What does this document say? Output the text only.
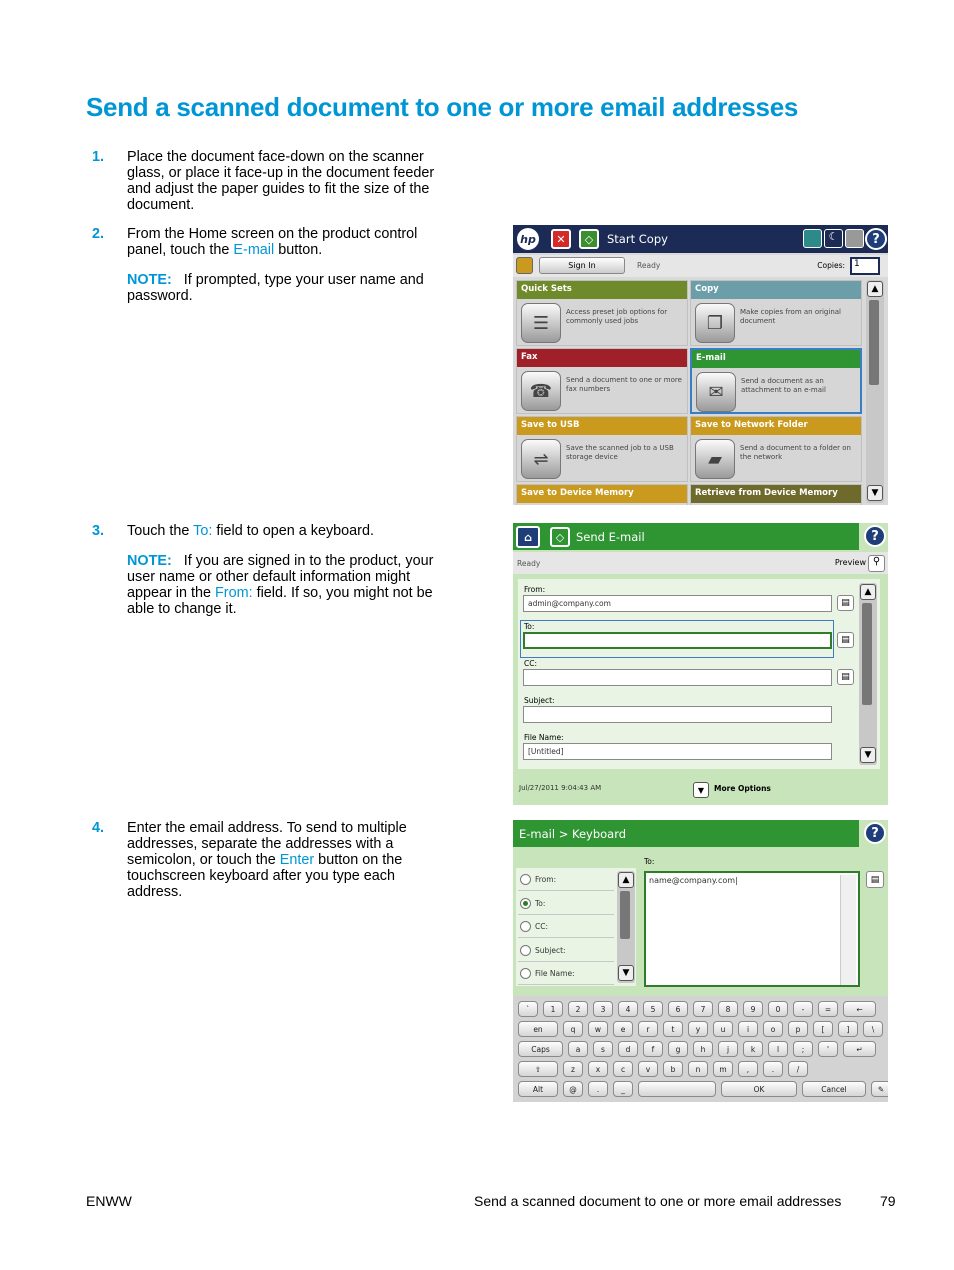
Send a scanned document to one or more email addresses
1. Place the document face-down on the scanner glass, or place it face-up in the document feeder and adjust the paper guides to fit the size of the document.
2. From the Home screen on the product control panel, touch the E-mail button.
NOTE: If prompted, type your user name and password.
3. Touch the To: field to open a keyboard.
NOTE: If you are signed in to the product, your user name or other default information might appear in the From: field. If so, you might not be able to change it.
4. Enter the email address. To send to multiple addresses, separate the addresses with a semicolon, or touch the Enter button on the touchscreen keyboard after you type each address.
hp	✕	◇	Start Copy	☾	?
Sign In	Ready	Copies:	1
Quick Sets
☰
Access preset job options for commonly used jobs
Copy
❐
Make copies from an original document
Fax
☎
Send a document to one or more fax numbers
E-mail
✉
Send a document as an attachment to an e-mail
Save to USB
⇌
Save the scanned job to a USB storage device
Save to Network Folder
▰
Send a document to a folder on the network
Save to Device Memory	Retrieve from Device Memory
▲
▼
⌂	◇	Send E-mail	?
Ready	Preview ⚲
From:
admin@company.com	▤
To:
▤
CC:
▤
Subject:
File Name:
[Untitled]
▲
▼
Jul/27/2011 9:04:43 AM	▼	More Options
E-mail > Keyboard	?
To:
From:
To:
CC:
Subject:
File Name:
▲
▼
name@company.com|	▤
`	1	2	3	4	5	6	7	8	9	0	-	=	←
en	q	w	e	r	t	y	u	i	o	p	[	]	\
Caps	a	s	d	f	g	h	j	k	l	;	'	↵
⇧	z	x	c	v	b	n	m	,	.	/
Alt	@	.	_	OK	Cancel	✎
ENWW	Send a scanned document to one or more email addresses	79
